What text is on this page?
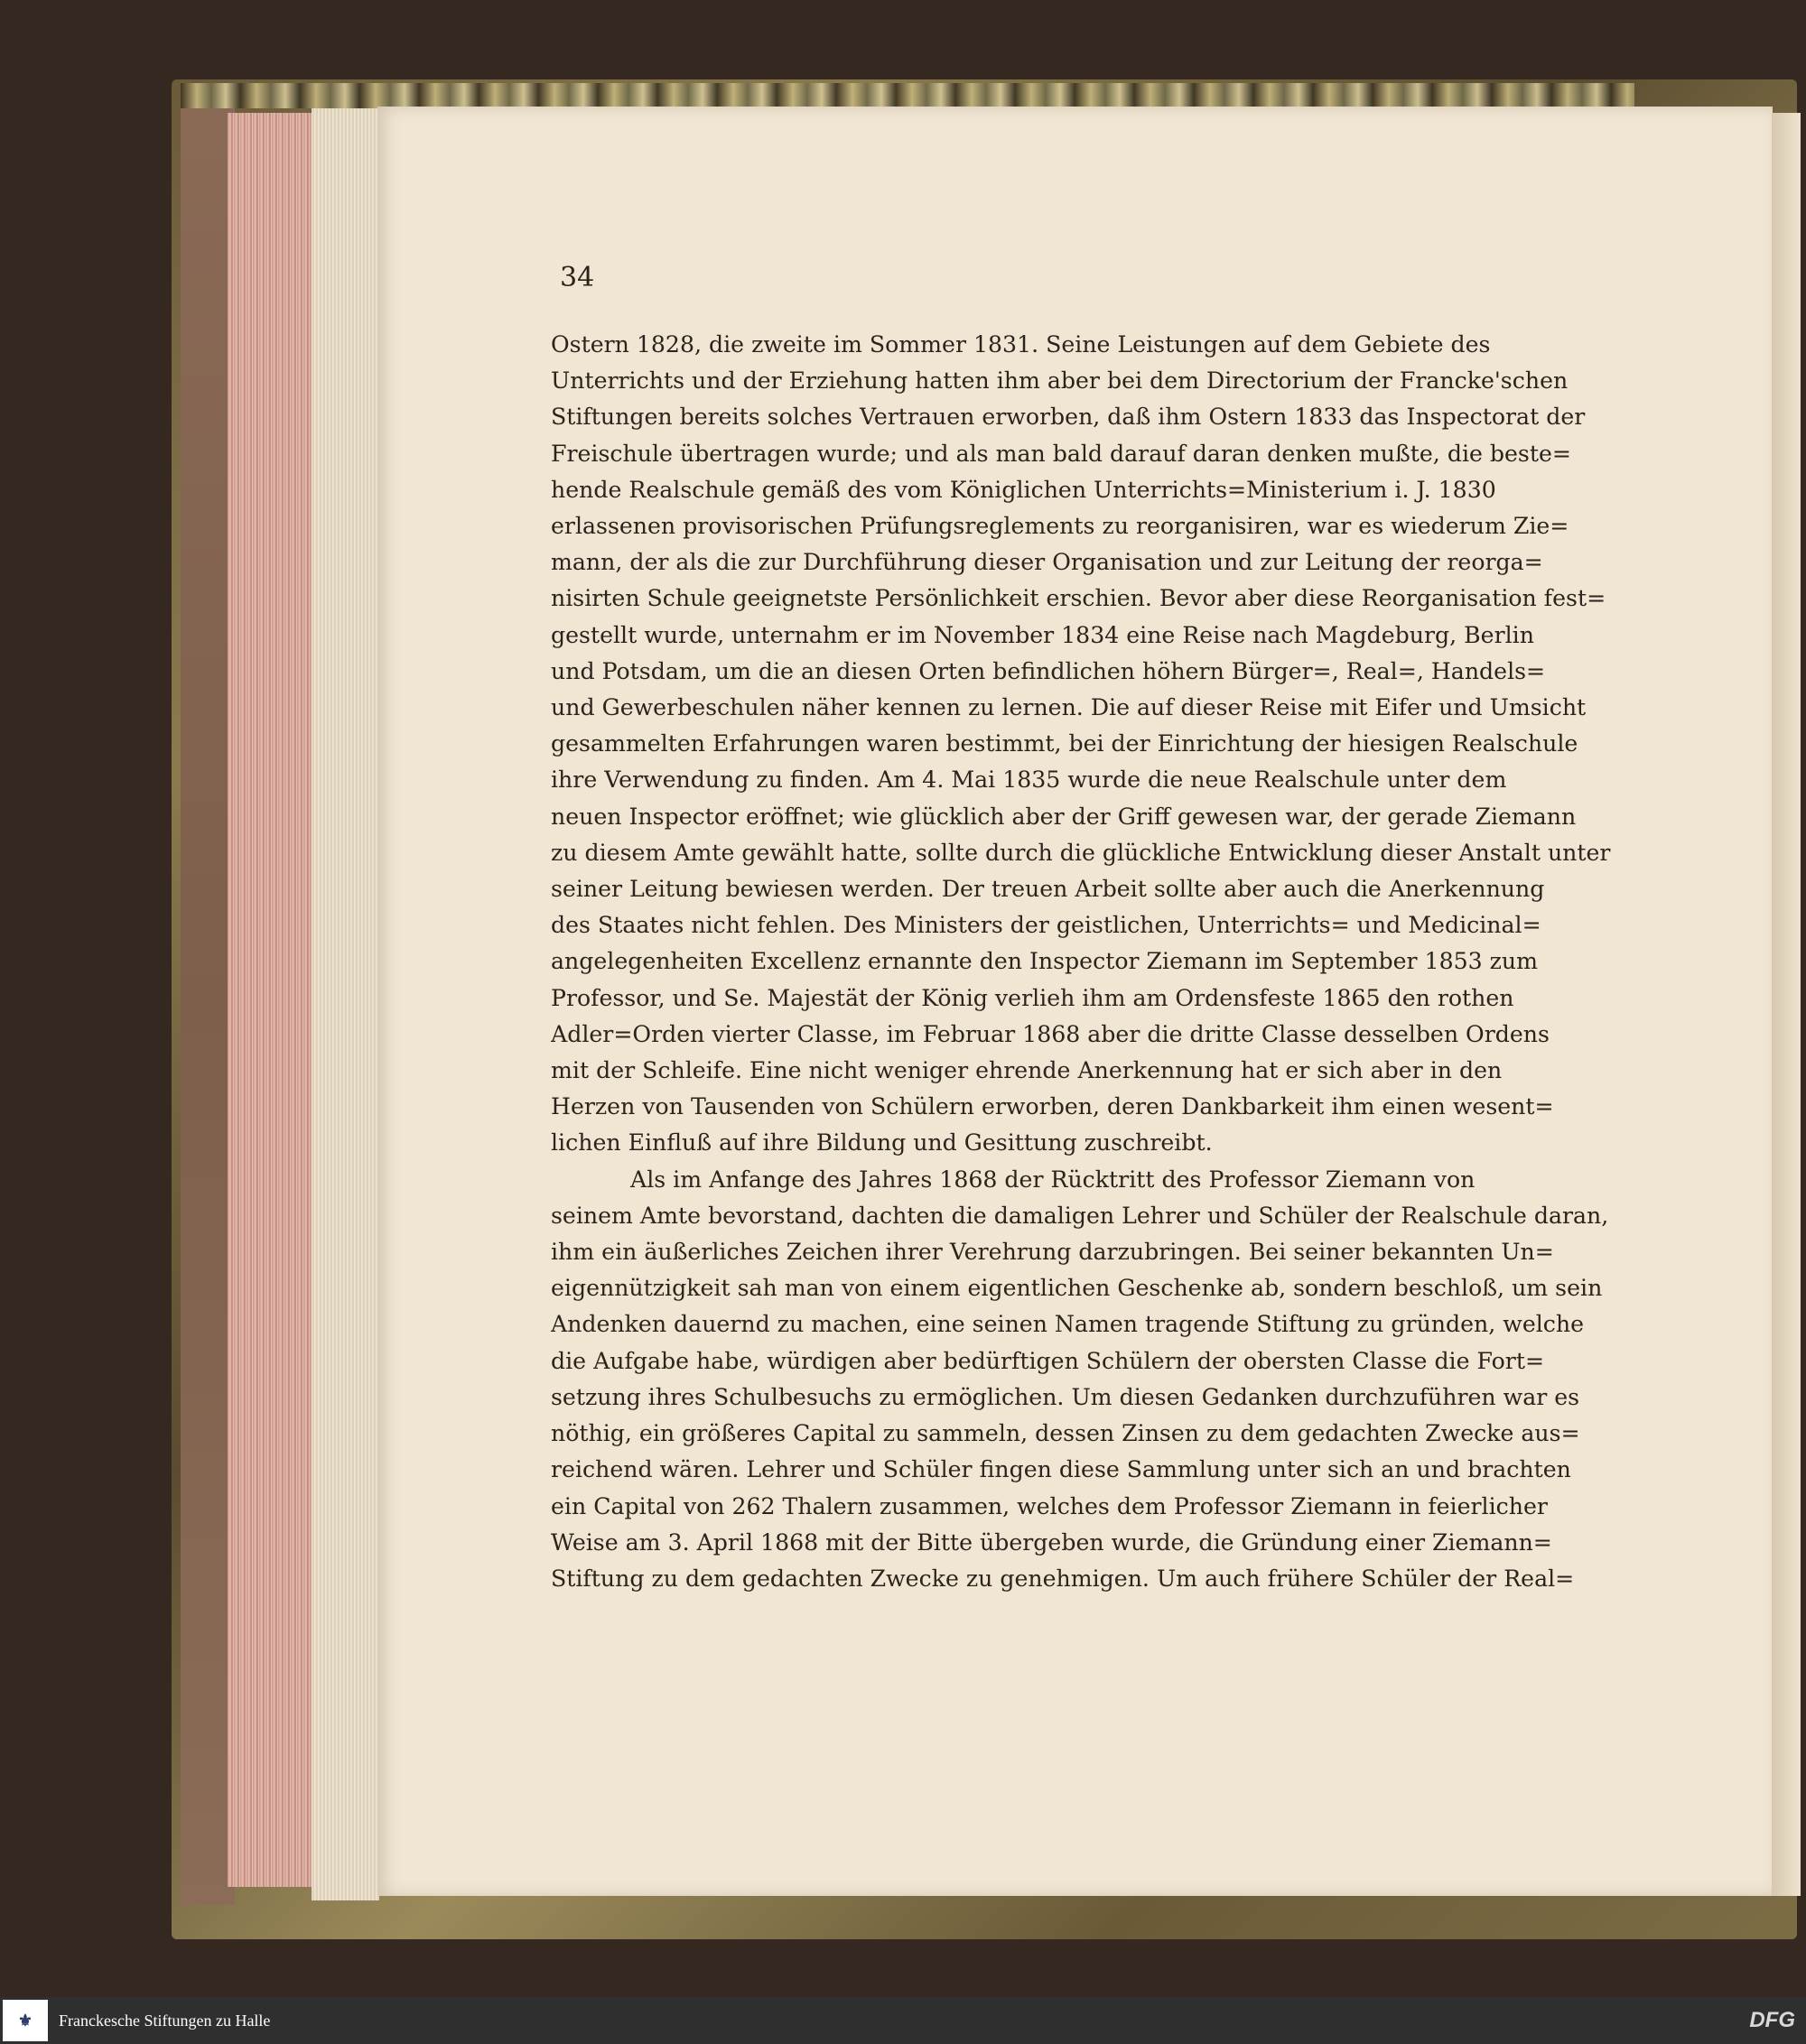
34
Ostern 1828, die zweite im Sommer 1831. Seine Leistungen auf dem Gebiete des
Unterrichts und der Erziehung hatten ihm aber bei dem Directorium der Francke'schen
Stiftungen bereits solches Vertrauen erworben, daß ihm Ostern 1833 das Inspectorat der
Freischule übertragen wurde; und als man bald darauf daran denken mußte, die beste=
hende Realschule gemäß des vom Königlichen Unterrichts=Ministerium i. J. 1830
erlassenen provisorischen Prüfungsreglements zu reorganisiren, war es wiederum Zie=
mann, der als die zur Durchführung dieser Organisation und zur Leitung der reorga=
nisirten Schule geeignetste Persönlichkeit erschien. Bevor aber diese Reorganisation fest=
gestellt wurde, unternahm er im November 1834 eine Reise nach Magdeburg, Berlin
und Potsdam, um die an diesen Orten befindlichen höhern Bürger=, Real=, Handels=
und Gewerbeschulen näher kennen zu lernen. Die auf dieser Reise mit Eifer und Umsicht
gesammelten Erfahrungen waren bestimmt, bei der Einrichtung der hiesigen Realschule
ihre Verwendung zu finden. Am 4. Mai 1835 wurde die neue Realschule unter dem
neuen Inspector eröffnet; wie glücklich aber der Griff gewesen war, der gerade Ziemann
zu diesem Amte gewählt hatte, sollte durch die glückliche Entwicklung dieser Anstalt unter
seiner Leitung bewiesen werden. Der treuen Arbeit sollte aber auch die Anerkennung
des Staates nicht fehlen. Des Ministers der geistlichen, Unterrichts= und Medicinal=
angelegenheiten Excellenz ernannte den Inspector Ziemann im September 1853 zum
Professor, und Se. Majestät der König verlieh ihm am Ordensfeste 1865 den rothen
Adler=Orden vierter Classe, im Februar 1868 aber die dritte Classe desselben Ordens
mit der Schleife. Eine nicht weniger ehrende Anerkennung hat er sich aber in den
Herzen von Tausenden von Schülern erworben, deren Dankbarkeit ihm einen wesent=
lichen Einfluß auf ihre Bildung und Gesittung zuschreibt.
Als im Anfange des Jahres 1868 der Rücktritt des Professor Ziemann von
seinem Amte bevorstand, dachten die damaligen Lehrer und Schüler der Realschule daran,
ihm ein äußerliches Zeichen ihrer Verehrung darzubringen. Bei seiner bekannten Un=
eigennützigkeit sah man von einem eigentlichen Geschenke ab, sondern beschloß, um sein
Andenken dauernd zu machen, eine seinen Namen tragende Stiftung zu gründen, welche
die Aufgabe habe, würdigen aber bedürftigen Schülern der obersten Classe die Fort=
setzung ihres Schulbesuchs zu ermöglichen. Um diesen Gedanken durchzuführen war es
nöthig, ein größeres Capital zu sammeln, dessen Zinsen zu dem gedachten Zwecke aus=
reichend wären. Lehrer und Schüler fingen diese Sammlung unter sich an und brachten
ein Capital von 262 Thalern zusammen, welches dem Professor Ziemann in feierlicher
Weise am 3. April 1868 mit der Bitte übergeben wurde, die Gründung einer Ziemann=
Stiftung zu dem gedachten Zwecke zu genehmigen. Um auch frühere Schüler der Real=
⚜ Franckesche Stiftungen zu Halle	DFG
